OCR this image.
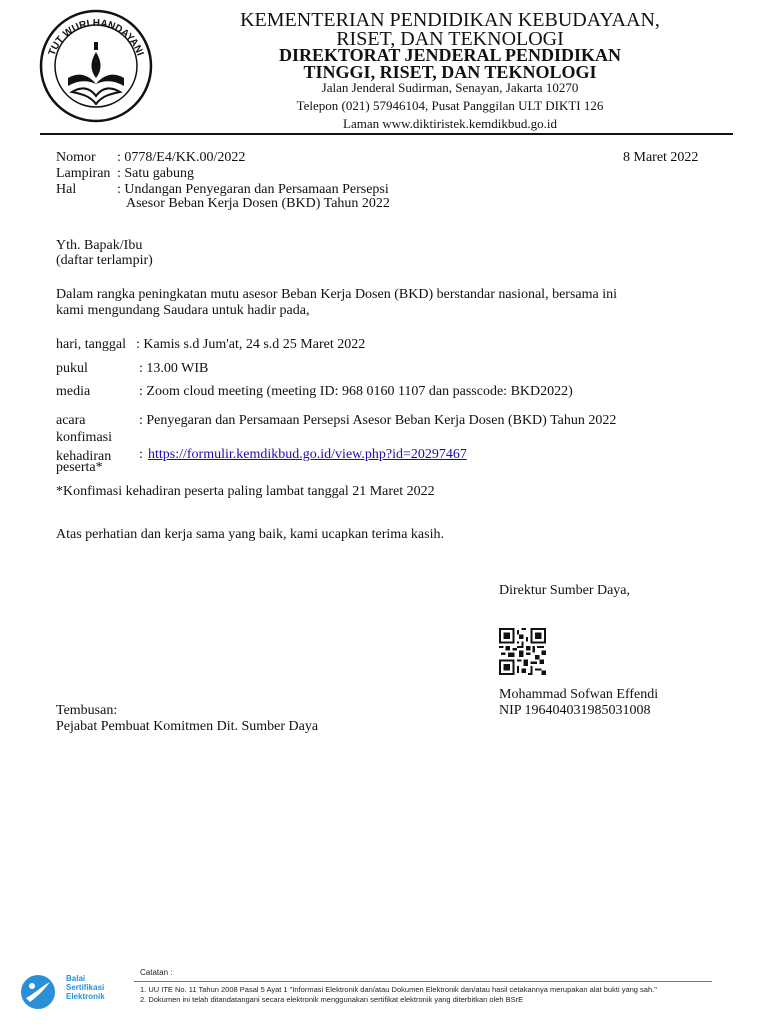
TUT WURI HANDAYANI
KEMENTERIAN PENDIDIKAN KEBUDAYAAN,
RISET, DAN TEKNOLOGI
DIREKTORAT JENDERAL PENDIDIKAN
TINGGI, RISET, DAN TEKNOLOGI
Jalan Jenderal Sudirman, Senayan, Jakarta 10270
Telepon (021) 57946104, Pusat Panggilan ULT DIKTI 126
Laman www.diktiristek.kemdikbud.go.id
Nomor : 0778/E4/KK.00/2022	8 Maret 2022
Lampiran : Satu gabung
Hal	: Undangan Penyegaran dan Persamaan Persepsi
Asesor Beban Kerja Dosen (BKD) Tahun 2022
Yth. Bapak/Ibu
(daftar terlampir)
Dalam rangka peningkatan mutu asesor Beban Kerja Dosen (BKD) berstandar nasional, bersama ini
kami mengundang Saudara untuk hadir pada,
hari, tanggal : Kamis s.d Jum'at, 24 s.d 25 Maret 2022
pukul	: 13.00 WIB
media	: Zoom cloud meeting (meeting ID: 968 0160 1107 dan passcode: BKD2022)
acara	: Penyegaran dan Persamaan Persepsi Asesor Beban Kerja Dosen (BKD) Tahun 2022
konfimasi
kehadiran
peserta*
: https://formulir.kemdikbud.go.id/view.php?id=20297467
*Konfimasi kehadiran peserta paling lambat tanggal 21 Maret 2022
Atas perhatian dan kerja sama yang baik, kami ucapkan terima kasih.
Direktur Sumber Daya,
Mohammad Sofwan Effendi
NIP 196404031985031008
Tembusan:
Pejabat Pembuat Komitmen Dit. Sumber Daya
Balai
Sertifikasi
Elektronik
Catatan :
1. UU ITE No. 11 Tahun 2008 Pasal 5 Ayat 1 "Informasi Elektronik dan/atau Dokumen Elektronik dan/atau hasil cetakannya merupakan alat bukti yang sah."
2. Dokumen ini telah ditandatangani secara elektronik menggunakan sertifikat elektronik yang diterbitkan oleh BSrE
